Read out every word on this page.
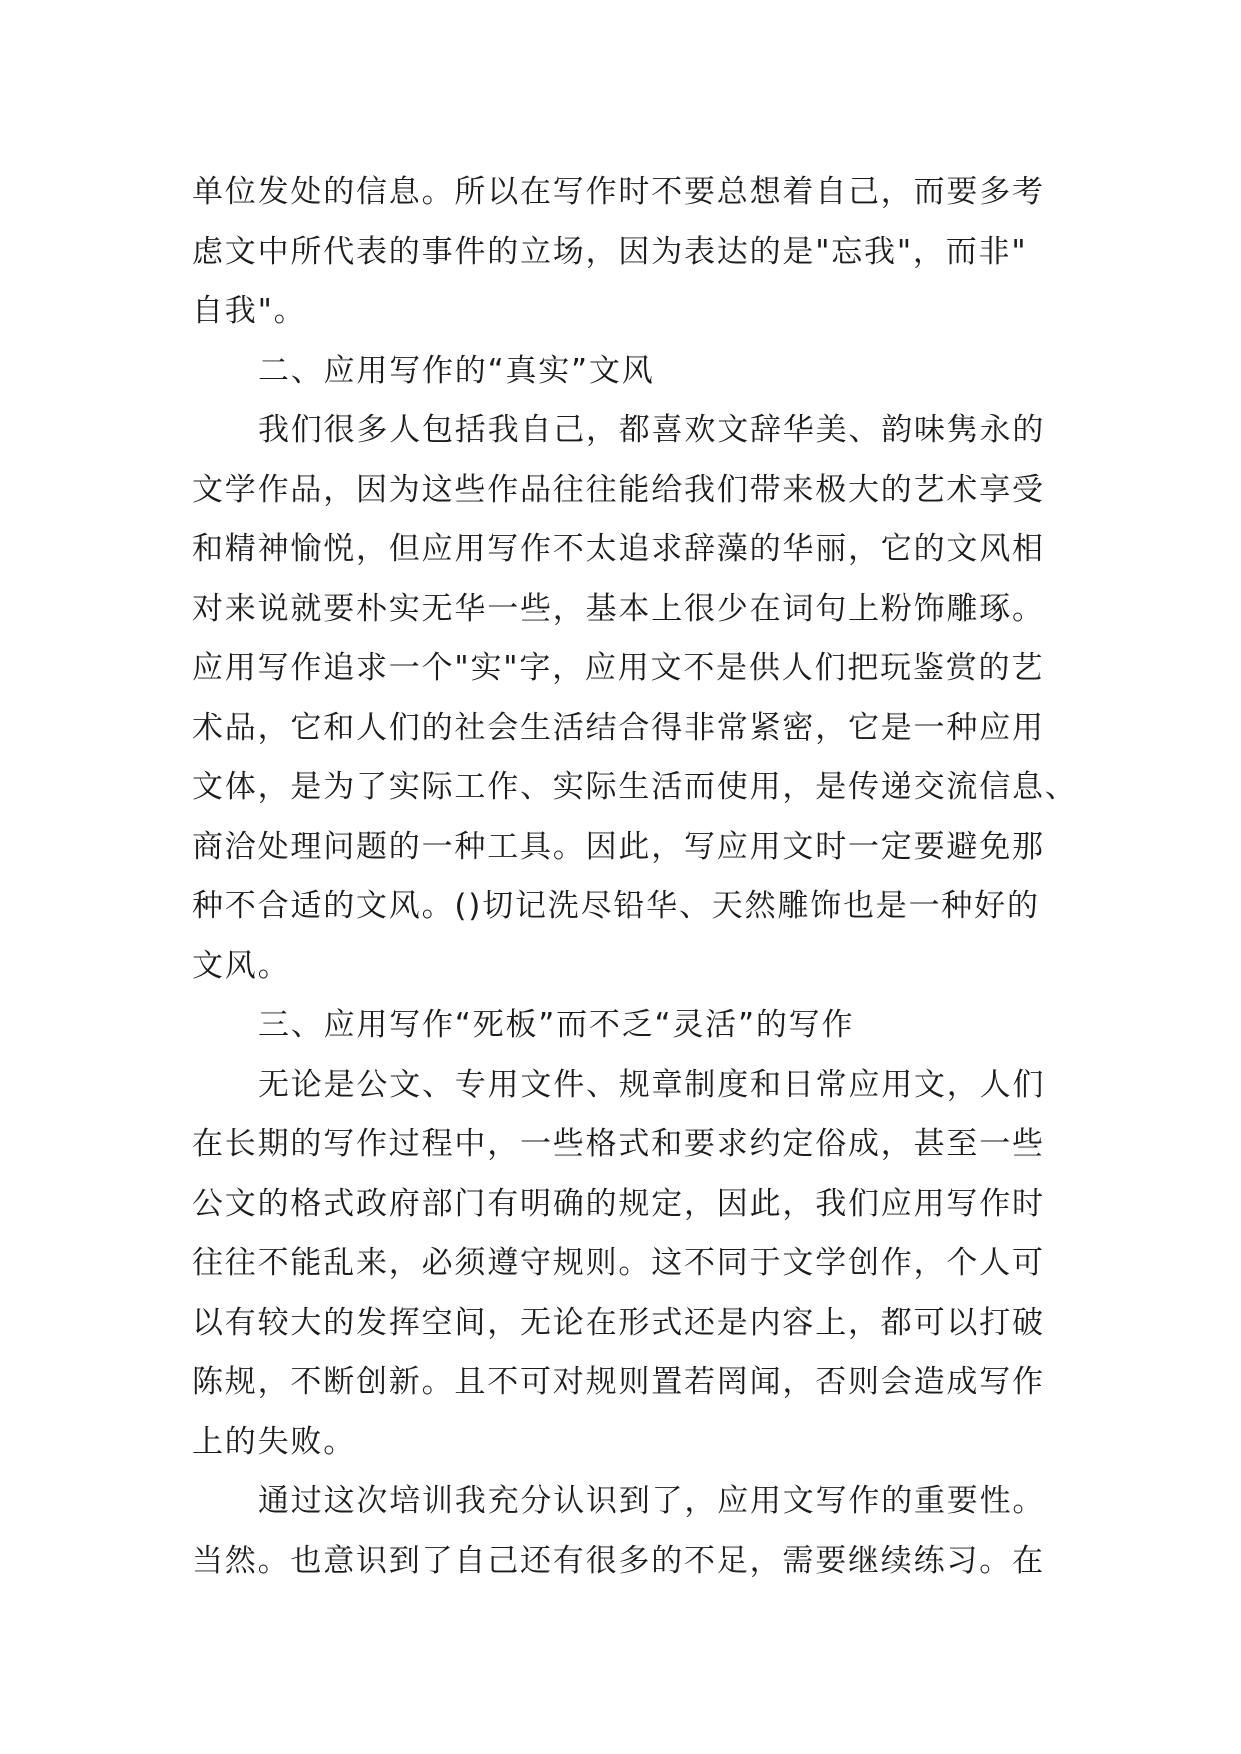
单位发处的信息。所以在写作时不要总想着自己，而要多考
虑文中所代表的事件的立场，因为表达的是"忘我"，而非"
自我"。
二、应用写作的“真实”文风
我们很多人包括我自己，都喜欢文辞华美、韵味隽永的
文学作品，因为这些作品往往能给我们带来极大的艺术享受
和精神愉悦，但应用写作不太追求辞藻的华丽，它的文风相
对来说就要朴实无华一些，基本上很少在词句上粉饰雕琢。
应用写作追求一个"实"字，应用文不是供人们把玩鉴赏的艺
术品，它和人们的社会生活结合得非常紧密，它是一种应用
文体，是为了实际工作、实际生活而使用，是传递交流信息、
商洽处理问题的一种工具。因此，写应用文时一定要避免那
种不合适的文风。()切记洗尽铅华、天然雕饰也是一种好的
文风。
三、应用写作“死板”而不乏“灵活”的写作
无论是公文、专用文件、规章制度和日常应用文，人们
在长期的写作过程中，一些格式和要求约定俗成，甚至一些
公文的格式政府部门有明确的规定，因此，我们应用写作时
往往不能乱来，必须遵守规则。这不同于文学创作，个人可
以有较大的发挥空间，无论在形式还是内容上，都可以打破
陈规，不断创新。且不可对规则置若罔闻，否则会造成写作
上的失败。
通过这次培训我充分认识到了，应用文写作的重要性。
当然。也意识到了自己还有很多的不足，需要继续练习。在
